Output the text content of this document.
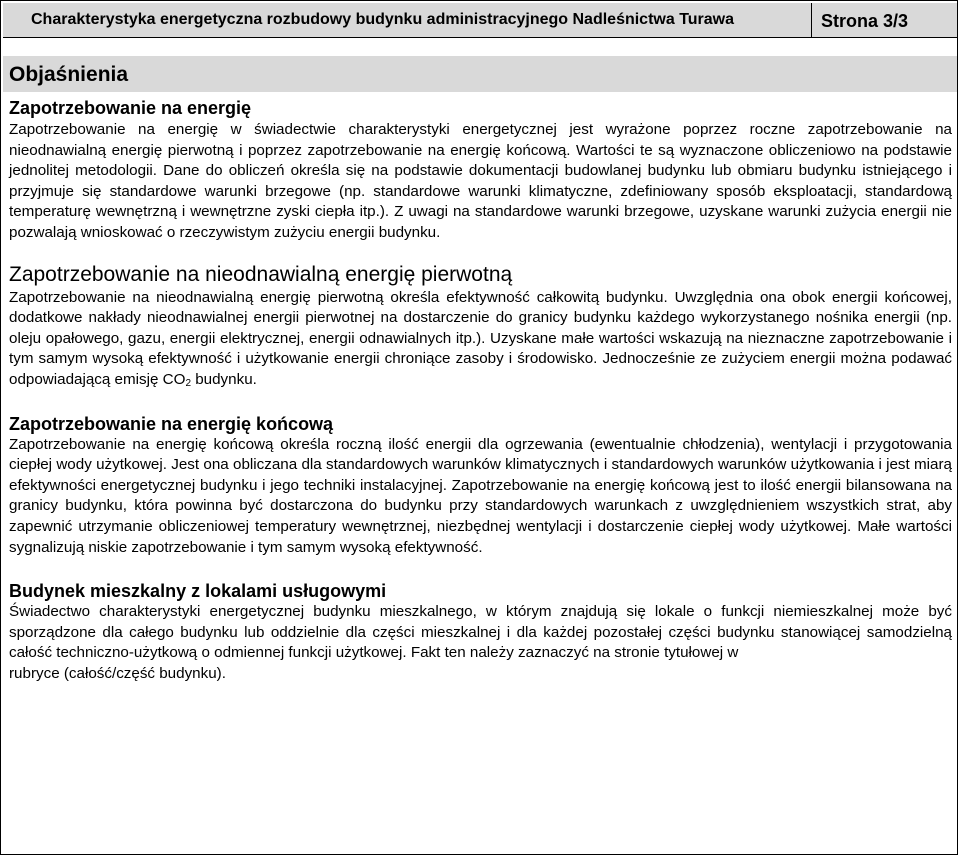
Charakterystyka energetyczna rozbudowy budynku administracyjnego Nadleśnictwa Turawa	Strona 3/3
Objaśnienia
Zapotrzebowanie na energię

Zapotrzebowanie na energię w świadectwie charakterystyki energetycznej jest wyrażone poprzez roczne zapotrzebowanie na nieodnawialną energię pierwotną i poprzez zapotrzebowanie na energię końcową. Wartości te są wyznaczone obliczeniowo na podstawie jednolitej metodologii. Dane do obliczeń określa się na podstawie dokumentacji budowlanej budynku lub obmiaru budynku istniejącego i przyjmuje się standardowe warunki brzegowe (np. standardowe warunki klimatyczne, zdefiniowany sposób eksploatacji, standardową temperaturę wewnętrzną i wewnętrzne zyski ciepła itp.). Z uwagi na standardowe warunki brzegowe, uzyskane warunki zużycia energii nie pozwalają wnioskować o rzeczywistym zużyciu energii budynku.

Zapotrzebowanie na nieodnawialną energię pierwotną

Zapotrzebowanie na nieodnawialną energię pierwotną określa efektywność całkowitą budynku. Uwzględnia ona obok energii końcowej, dodatkowe nakłady nieodnawialnej energii pierwotnej na dostarczenie do granicy budynku każdego wykorzystanego nośnika energii (np. oleju opałowego, gazu, energii elektrycznej, energii odnawialnych itp.). Uzyskane małe wartości wskazują na nieznaczne zapotrzebowanie i tym samym wysoką efektywność i użytkowanie energii chroniące zasoby i środowisko. Jednocześnie ze zużyciem energii można podawać odpowiadającą emisję $CO_2$ budynku.

Zapotrzebowanie na energię końcową

Zapotrzebowanie na energię końcową określa roczną ilość energii dla ogrzewania (ewentualnie chłodzenia), wentylacji i przygotowania ciepłej wody użytkowej. Jest ona obliczana dla standardowych warunków klimatycznych i standardowych warunków użytkowania i jest miarą efektywności energetycznej budynku i jego techniki instalacyjnej. Zapotrzebowanie na energię końcową jest to ilość energii bilansowana na granicy budynku, która powinna być dostarczona do budynku przy standardowych warunkach z uwzględnieniem wszystkich strat, aby zapewnić utrzymanie obliczeniowej temperatury wewnętrznej, niezbędnej wentylacji i dostarczenie ciepłej wody użytkowej. Małe wartości sygnalizują niskie zapotrzebowanie i tym samym wysoką efektywność.

Budynek mieszkalny z lokalami usługowymi

Świadectwo charakterystyki energetycznej budynku mieszkalnego, w którym znajdują się lokale o funkcji niemieszkalnej może być sporządzone dla całego budynku lub oddzielnie dla części mieszkalnej i dla każdej pozostałej części budynku stanowiącej samodzielną całość techniczno-użytkową o odmiennej funkcji użytkowej. Fakt ten należy zaznaczyć na stronie tytułowej w
rubryce (całość/część budynku).
